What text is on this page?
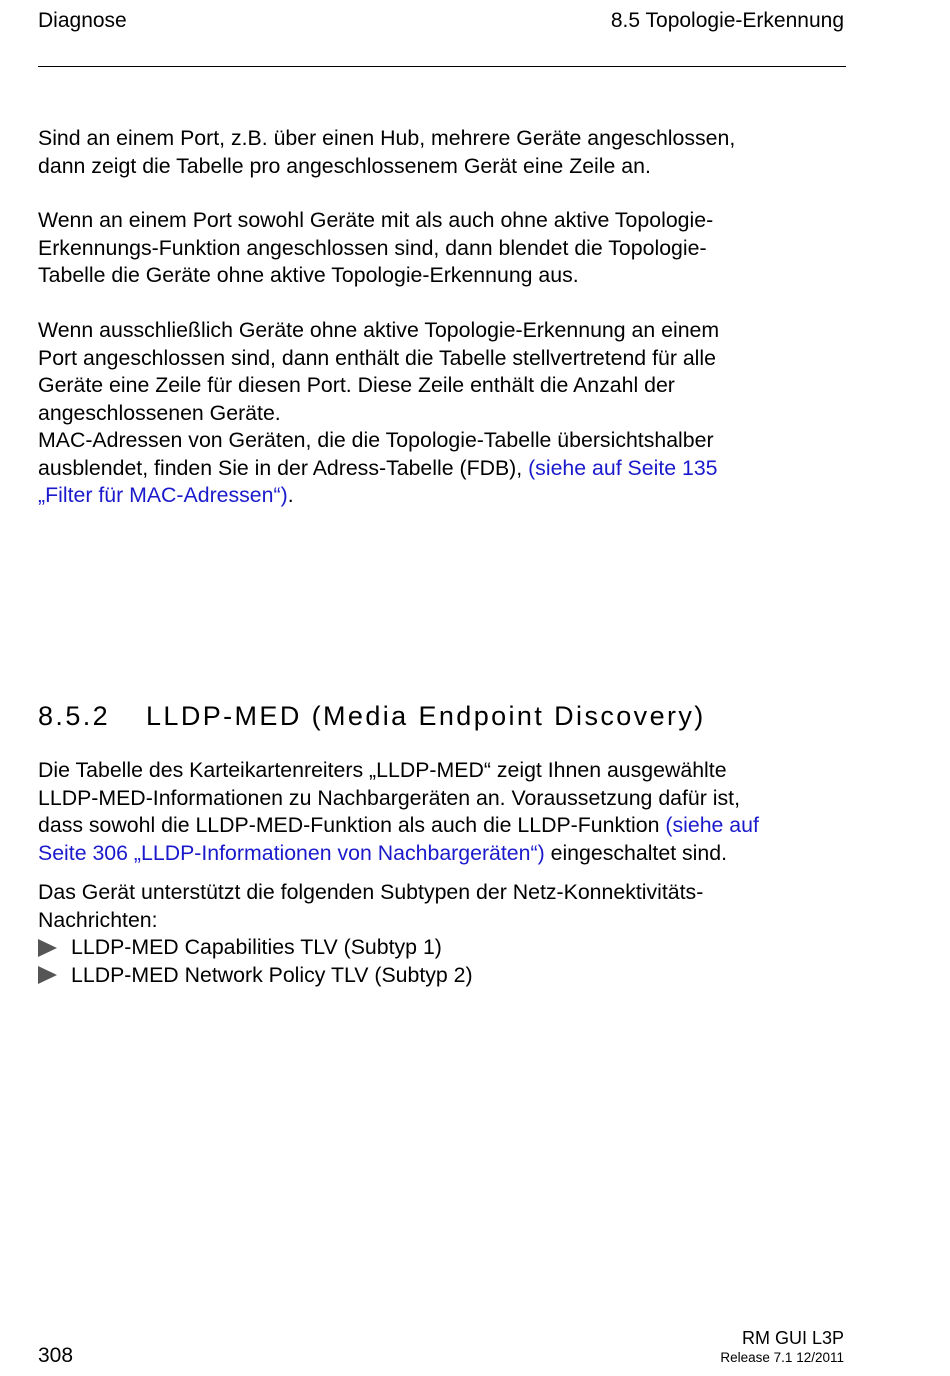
Diagnose	8.5 Topologie-Erkennung

Sind an einem Port, z.B. über einen Hub, mehrere Geräte angeschlossen,
dann zeigt die Tabelle pro angeschlossenem Gerät eine Zeile an.

Wenn an einem Port sowohl Geräte mit als auch ohne aktive Topologie-
Erkennungs-Funktion angeschlossen sind, dann blendet die Topologie-
Tabelle die Geräte ohne aktive Topologie-Erkennung aus.

Wenn ausschließlich Geräte ohne aktive Topologie-Erkennung an einem
Port angeschlossen sind, dann enthält die Tabelle stellvertretend für alle
Geräte eine Zeile für diesen Port. Diese Zeile enthält die Anzahl der
angeschlossenen Geräte.
MAC-Adressen von Geräten, die die Topologie-Tabelle übersichtshalber
ausblendet, finden Sie in der Adress-Tabelle (FDB), (siehe auf Seite 135
„Filter für MAC-Adressen“).

8.5.2 LLDP-MED (Media Endpoint Discovery)

Die Tabelle des Karteikartenreiters „LLDP-MED“ zeigt Ihnen ausgewählte
LLDP-MED-Informationen zu Nachbargeräten an. Voraussetzung dafür ist,
dass sowohl die LLDP-MED-Funktion als auch die LLDP-Funktion (siehe auf
Seite 306 „LLDP-Informationen von Nachbargeräten“) eingeschaltet sind.

Das Gerät unterstützt die folgenden Subtypen der Netz-Konnektivitäts-
Nachrichten:

LLDP-MED Capabilities TLV (Subtyp 1)
LLDP-MED Network Policy TLV (Subtyp 2)
308
RM GUI L3P
Release 7.1 12/2011
